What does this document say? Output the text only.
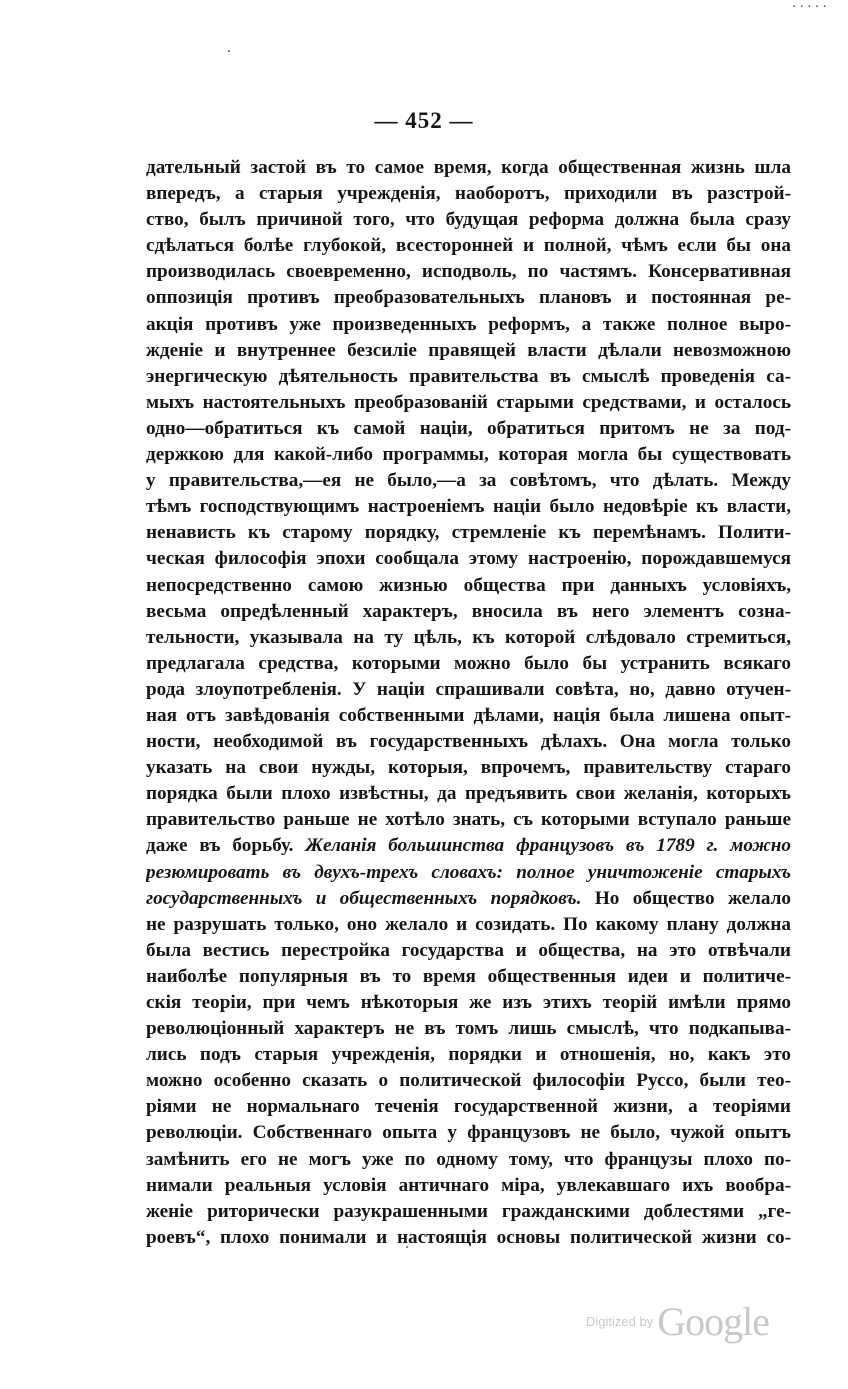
·····
— 452 —
дательный застой въ то самое время, когда общественная жизнь шла
впередъ, а старыя учрежденія, наоборотъ, приходили въ разстрой-
ство, былъ причиной того, что будущая реформа должна была сразу
сдѣлаться болѣе глубокой, всесторонней и полной, чѣмъ если бы она
производилась своевременно, исподволь, по частямъ. Консервативная
оппозиція противъ преобразовательныхъ плановъ и постоянная ре-
акція противъ уже произведенныхъ реформъ, а также полное выро-
жденіе и внутреннее безсиліе правящей власти дѣлали невозможною
энергическую дѣятельность правительства въ смыслѣ проведенія са-
мыхъ настоятельныхъ преобразованій старыми средствами, и осталось
одно—обратиться къ самой націи, обратиться притомъ не за под-
держкою для какой-либо программы, которая могла бы существовать
у правительства,—ея не было,—а за совѣтомъ, что дѣлать. Между
тѣмъ господствующимъ настроеніемъ націи было недовѣріе къ власти,
ненависть къ старому порядку, стремленіе къ перемѣнамъ. Полити-
ческая философія эпохи сообщала этому настроенію, порождавшемуся
непосредственно самою жизнью общества при данныхъ условіяхъ,
весьма опредѣленный характеръ, вносила въ него элементъ созна-
тельности, указывала на ту цѣль, къ которой слѣдовало стремиться,
предлагала средства, которыми можно было бы устранить всякаго
рода злоупотребленія. У націи спрашивали совѣта, но, давно отучен-
ная отъ завѣдованія собственными дѣлами, нація была лишена опыт-
ности, необходимой въ государственныхъ дѣлахъ. Она могла только
указать на свои нужды, которыя, впрочемъ, правительству стараго
порядка были плохо извѣстны, да предъявить свои желанія, которыхъ
правительство раньше не хотѣло знать, съ которыми вступало раньше
даже въ борьбу. Желанія большинства французовъ въ 1789 г. можно
резюмировать въ двухъ-трехъ словахъ: полное уничтоженіе старыхъ
государственныхъ и общественныхъ порядковъ. Но общество желало
не разрушать только, оно желало и созидать. По какому плану должна
была вестись перестройка государства и общества, на это отвѣчали
наиболѣе популярныя въ то время общественныя идеи и политиче-
скія теоріи, при чемъ нѣкоторыя же изъ этихъ теорій имѣли прямо
революціонный характеръ не въ томъ лишь смыслѣ, что подкапыва-
лись подъ старыя учрежденія, порядки и отношенія, но, какъ это
можно особенно сказать о политической философіи Руссо, были тео-
ріями не нормальнаго теченія государственной жизни, а теоріями
революціи. Собственнаго опыта у французовъ не было, чужой опытъ
замѣнить его не могъ уже по одному тому, что французы плохо по-
нимали реальныя условія античнаго міра, увлекавшаго ихъ вообра-
женіе риторически разукрашенными гражданскими доблестями „ге-
роевъ“, плохо понимали и настоящія основы политической жизни со-
Digitized by Google
